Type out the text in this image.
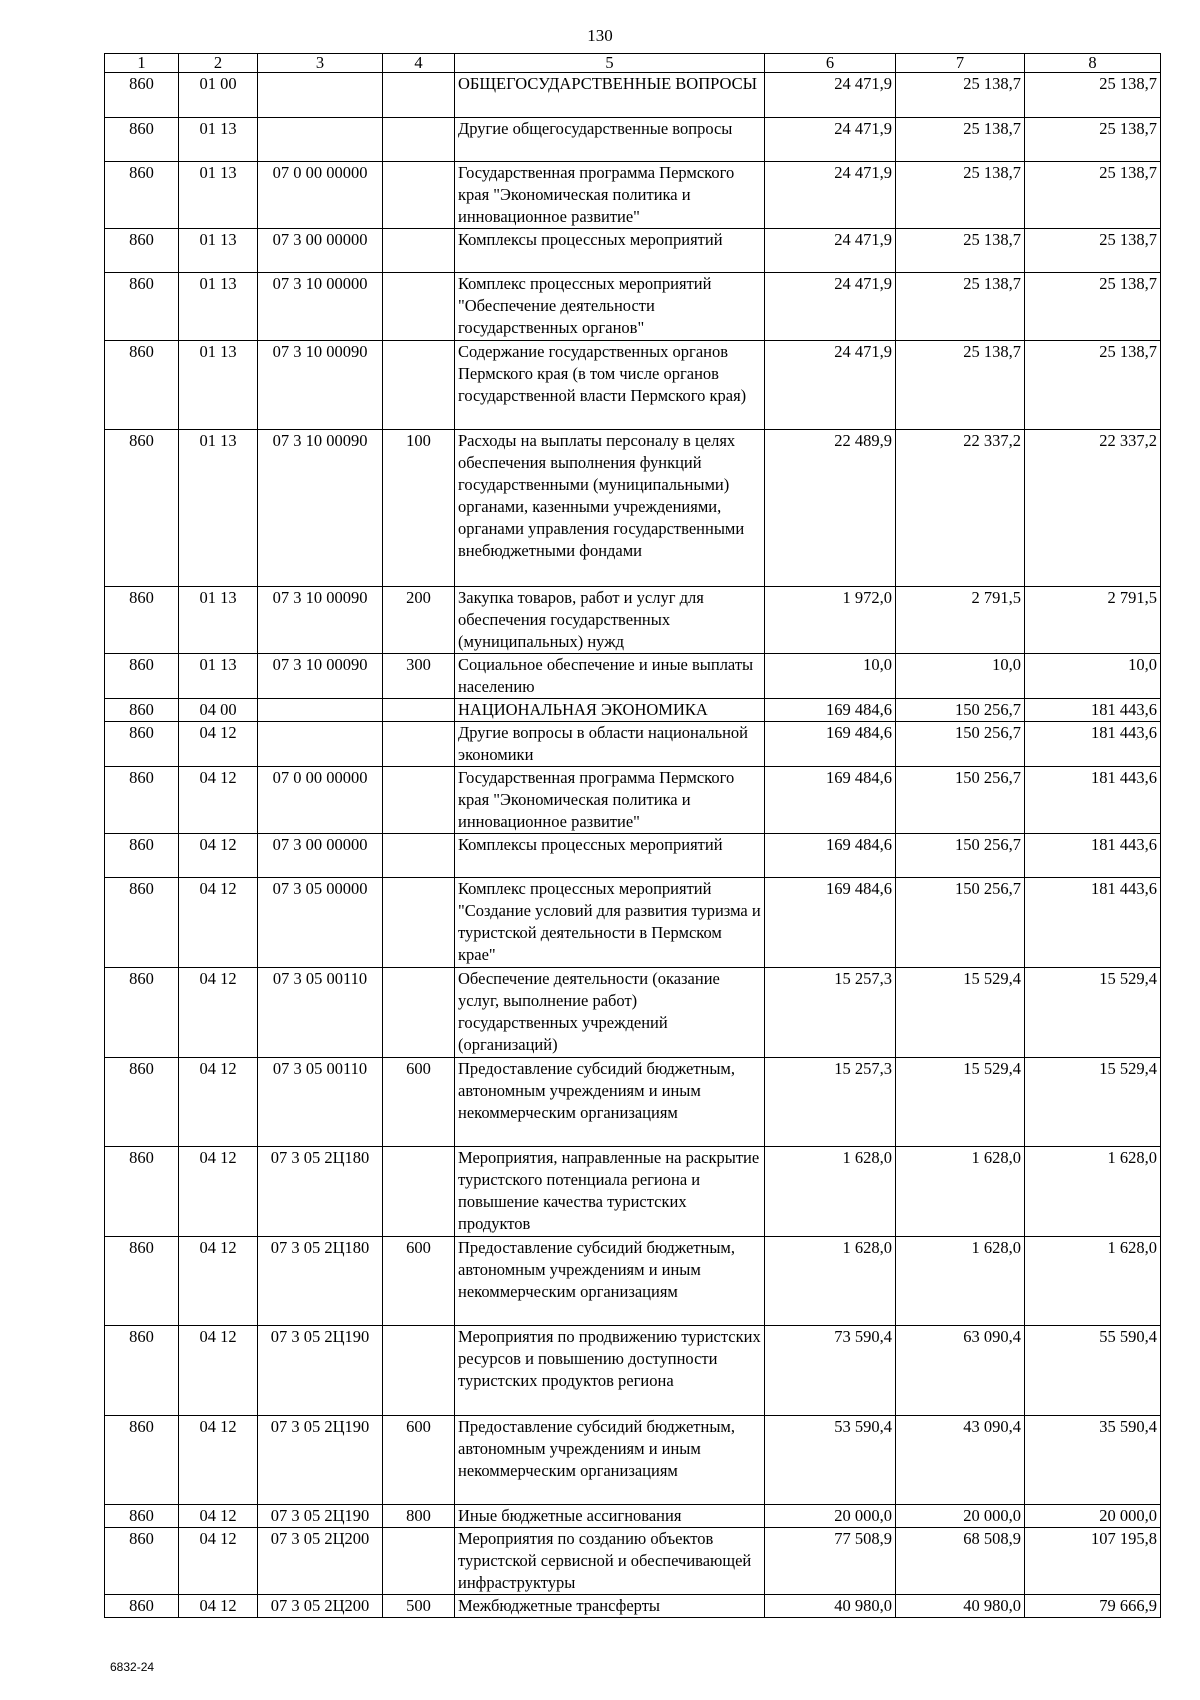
130
1	2	3	4	5	6	7	8
860	01 00			ОБЩЕГОСУДАРСТВЕННЫЕ ВОПРОСЫ	24 471,9	25 138,7	25 138,7
860	01 13			Другие общегосударственные вопросы	24 471,9	25 138,7	25 138,7
860	01 13	07 0 00 00000		Государственная программа Пермского края "Экономическая политика и инновационное развитие"	24 471,9	25 138,7	25 138,7
860	01 13	07 3 00 00000		Комплексы процессных мероприятий	24 471,9	25 138,7	25 138,7
860	01 13	07 3 10 00000		Комплекс процессных мероприятий "Обеспечение деятельности государственных органов"	24 471,9	25 138,7	25 138,7
860	01 13	07 3 10 00090		Содержание государственных органов Пермского края (в том числе органов государственной власти Пермского края)	24 471,9	25 138,7	25 138,7
860	01 13	07 3 10 00090	100	Расходы на выплаты персоналу в целях обеспечения выполнения функций государственными (муниципальными) органами, казенными учреждениями, органами управления государственными внебюджетными фондами	22 489,9	22 337,2	22 337,2
860	01 13	07 3 10 00090	200	Закупка товаров, работ и услуг для обеспечения государственных (муниципальных) нужд	1 972,0	2 791,5	2 791,5
860	01 13	07 3 10 00090	300	Социальное обеспечение и иные выплаты населению	10,0	10,0	10,0
860	04 00			НАЦИОНАЛЬНАЯ ЭКОНОМИКА	169 484,6	150 256,7	181 443,6
860	04 12			Другие вопросы в области национальной экономики	169 484,6	150 256,7	181 443,6
860	04 12	07 0 00 00000		Государственная программа Пермского края "Экономическая политика и инновационное развитие"	169 484,6	150 256,7	181 443,6
860	04 12	07 3 00 00000		Комплексы процессных мероприятий	169 484,6	150 256,7	181 443,6
860	04 12	07 3 05 00000		Комплекс процессных мероприятий "Создание условий для развития туризма и туристской деятельности в Пермском крае"	169 484,6	150 256,7	181 443,6
860	04 12	07 3 05 00110		Обеспечение деятельности (оказание услуг, выполнение работ) государственных учреждений (организаций)	15 257,3	15 529,4	15 529,4
860	04 12	07 3 05 00110	600	Предоставление субсидий бюджетным, автономным учреждениям и иным некоммерческим организациям	15 257,3	15 529,4	15 529,4
860	04 12	07 3 05 2Ц180		Мероприятия, направленные на раскрытие туристского потенциала региона и повышение качества туристских продуктов	1 628,0	1 628,0	1 628,0
860	04 12	07 3 05 2Ц180	600	Предоставление субсидий бюджетным, автономным учреждениям и иным некоммерческим организациям	1 628,0	1 628,0	1 628,0
860	04 12	07 3 05 2Ц190		Мероприятия по продвижению туристских ресурсов и повышению доступности туристских продуктов региона	73 590,4	63 090,4	55 590,4
860	04 12	07 3 05 2Ц190	600	Предоставление субсидий бюджетным, автономным учреждениям и иным некоммерческим организациям	53 590,4	43 090,4	35 590,4
860	04 12	07 3 05 2Ц190	800	Иные бюджетные ассигнования	20 000,0	20 000,0	20 000,0
860	04 12	07 3 05 2Ц200		Мероприятия по созданию объектов туристской сервисной и обеспечивающей инфраструктуры	77 508,9	68 508,9	107 195,8
860	04 12	07 3 05 2Ц200	500	Межбюджетные трансферты	40 980,0	40 980,0	79 666,9
6832-24
